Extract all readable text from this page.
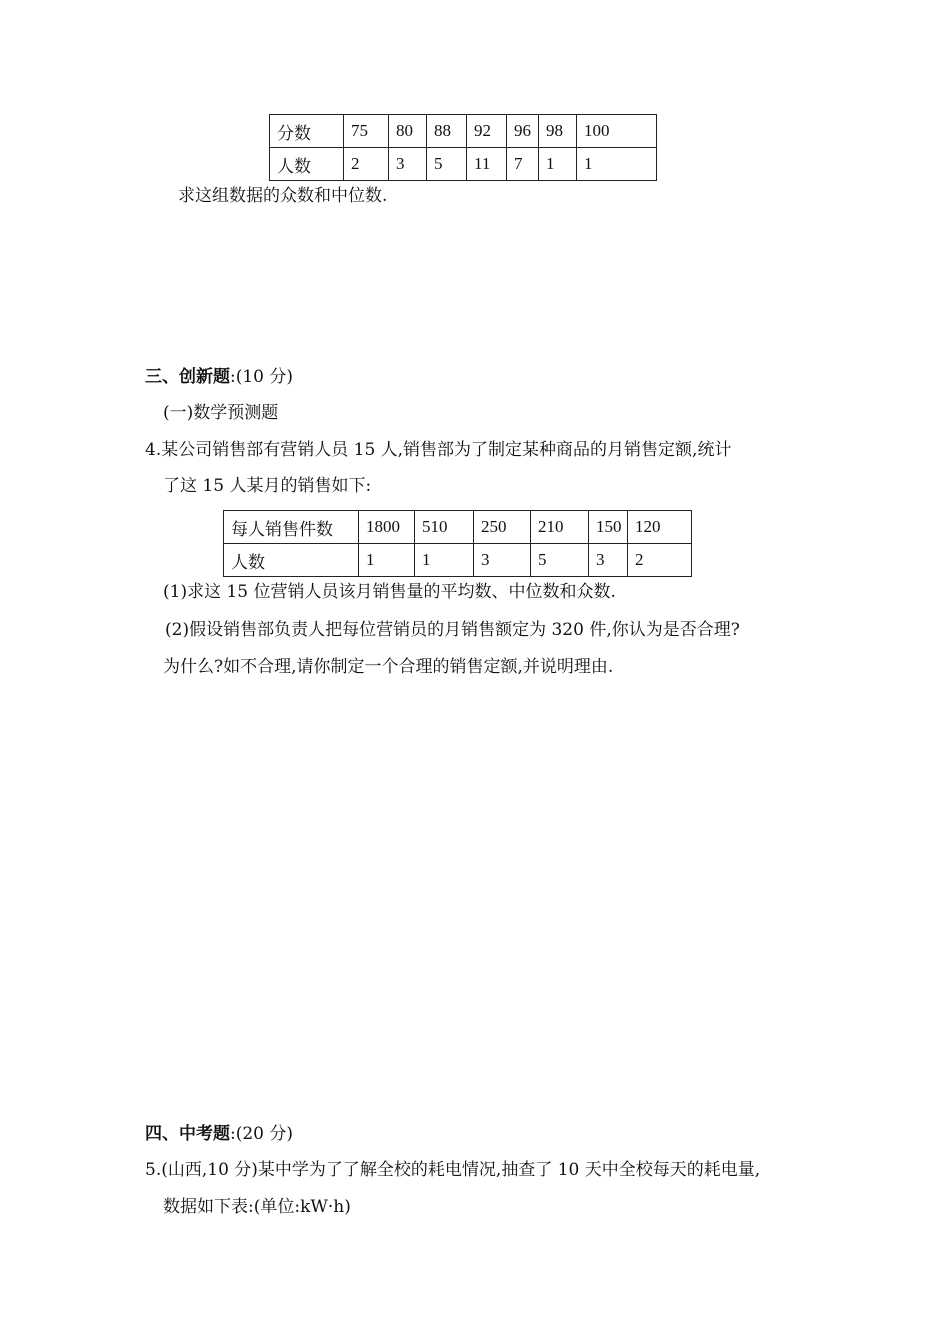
分数	75	80	88	92	96	98	100
人数	2	3	5	11	7	1	1
求这组数据的众数和中位数.
三、创新题:(10 分)
(一)数学预测题
4.某公司销售部有营销人员 15 人,销售部为了制定某种商品的月销售定额,统计
了这 15 人某月的销售如下:
每人销售件数	1800	510	250	210	150	120
人数	1	1	3	5	3	2
(1)求这 15 位营销人员该月销售量的平均数、中位数和众数.
(2)假设销售部负责人把每位营销员的月销售额定为 320 件,你认为是否合理?
为什么?如不合理,请你制定一个合理的销售定额,并说明理由.
四、中考题:(20 分)
5.(山西,10 分)某中学为了了解全校的耗电情况,抽查了 10 天中全校每天的耗电量,
数据如下表:(单位:kW·h)
